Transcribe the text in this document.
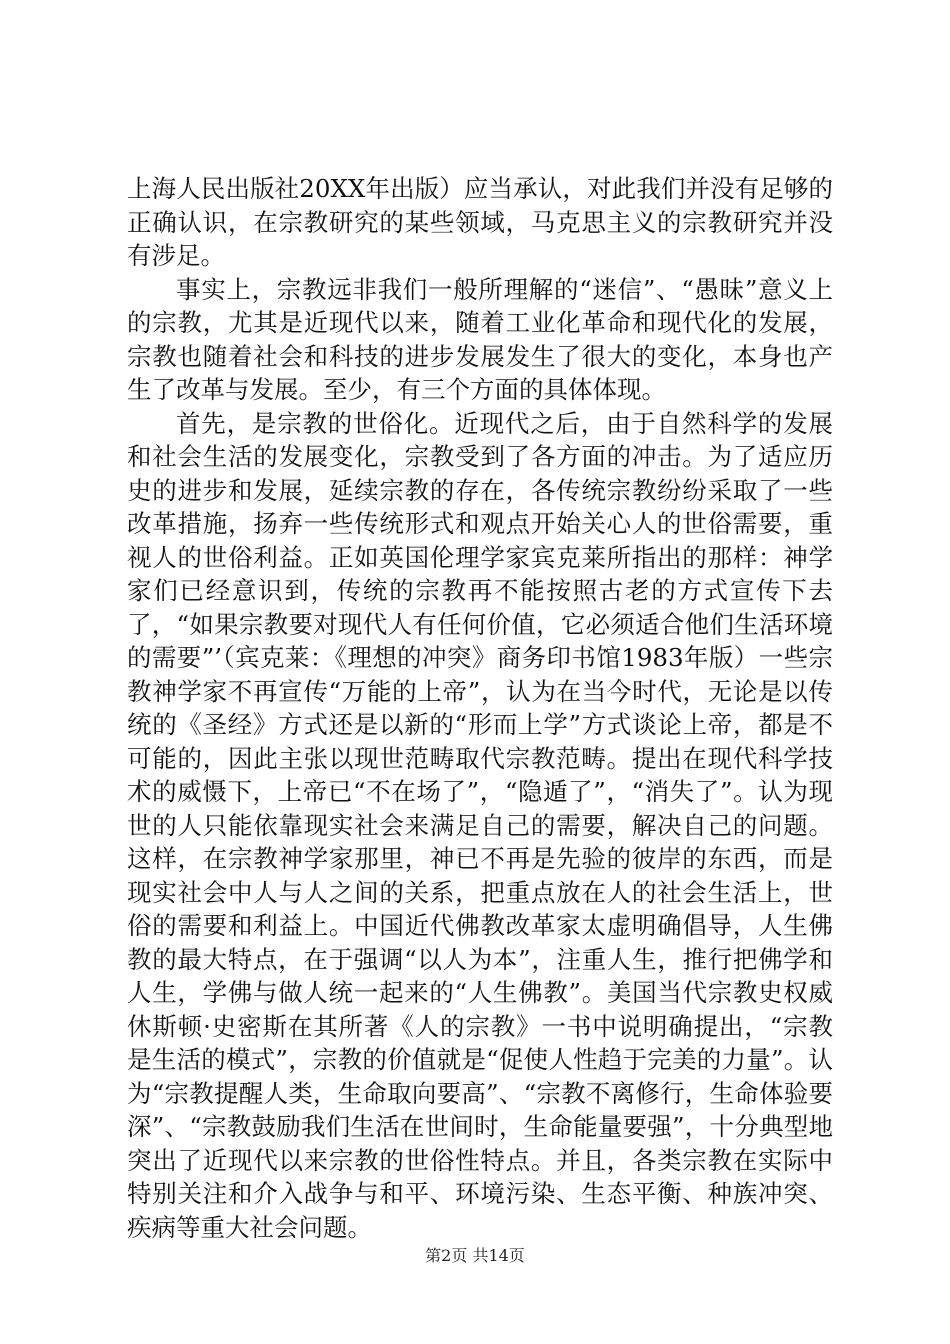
上海人民出版社20XX年出版）应当承认，对此我们并没有足够的正确认识，在宗教研究的某些领域，马克思主义的宗教研究并没有涉足。

事实上，宗教远非我们一般所理解的“迷信”、“愚昧”意义上的宗教，尤其是近现代以来，随着工业化革命和现代化的发展，宗教也随着社会和科技的进步发展发生了很大的变化，本身也产生了改革与发展。至少，有三个方面的具体体现。

首先，是宗教的世俗化。近现代之后，由于自然科学的发展和社会生活的发展变化，宗教受到了各方面的冲击。为了适应历史的进步和发展，延续宗教的存在，各传统宗教纷纷采取了一些改革措施，扬弃一些传统形式和观点开始关心人的世俗需要，重视人的世俗利益。正如英国伦理学家宾克莱所指出的那样：神学家们已经意识到，传统的宗教再不能按照古老的方式宣传下去了，“如果宗教要对现代人有任何价值，它必须适合他们生活环境的需要”’（宾克莱：《理想的冲突》商务印书馆1983年版）一些宗教神学家不再宣传“万能的上帝”，认为在当今时代，无论是以传统的《圣经》方式还是以新的“形而上学”方式谈论上帝，都是不可能的，因此主张以现世范畴取代宗教范畴。提出在现代科学技术的威慑下，上帝已“不在场了”，“隐遁了”，“消失了”。认为现世的人只能依靠现实社会来满足自己的需要，解决自己的问题。这样，在宗教神学家那里，神已不再是先验的彼岸的东西，而是现实社会中人与人之间的关系，把重点放在人的社会生活上，世俗的需要和利益上。中国近代佛教改革家太虚明确倡导，人生佛教的最大特点，在于强调“以人为本”，注重人生，推行把佛学和人生，学佛与做人统一起来的“人生佛教”。美国当代宗教史权威休斯顿·史密斯在其所著《人的宗教》一书中说明确提出，“宗教是生活的模式”，宗教的价值就是“促使人性趋于完美的力量”。认为“宗教提醒人类，生命取向要高”、“宗教不离修行，生命体验要深”、“宗教鼓励我们生活在世间时，生命能量要强”，十分典型地突出了近现代以来宗教的世俗性特点。并且，各类宗教在实际中特别关注和介入战争与和平、环境污染、生态平衡、种族冲突、疾病等重大社会问题。

第2页 共14页
